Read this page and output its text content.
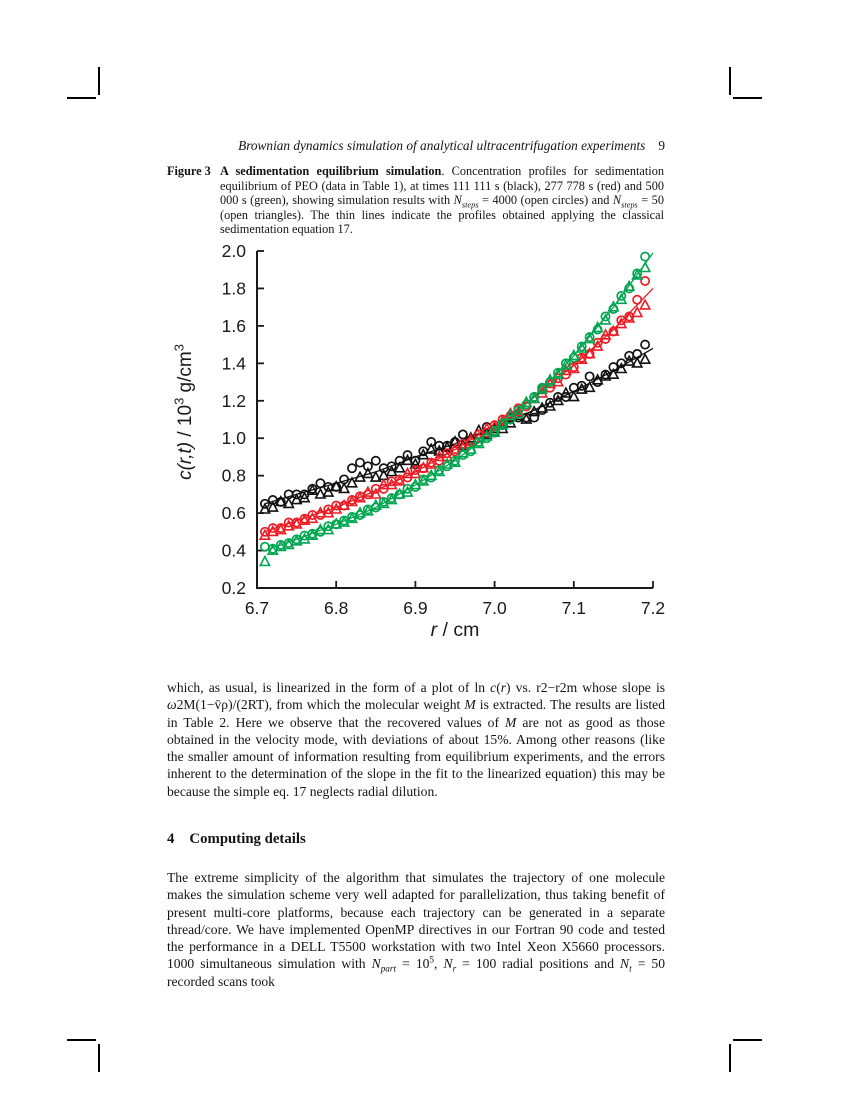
Brownian dynamics simulation of analytical ultracentrifugation experiments 9
Figure 3 A sedimentation equilibrium simulation. Concentration profiles for sedimentation equilibrium of PEO (data in Table 1), at times 111 111 s (black), 277 778 s (red) and 500 000 s (green), showing simulation results with $N_{steps} = 4000$ (open circles) and $N_{steps} = 50$ (open triangles). The thin lines indicate the profiles obtained applying the classical sedimentation equation 17.
6.7	6.8	6.9	7.0	7.1	7.2
0.2
0.4
0.6
0.8
1.0
1.2
1.4
1.6
1.8
2.0
$c(r,t) / 10^3$ $g/cm^3$
r / cm
which, as usual, is linearized in the form of a plot of ln c(r) vs. r2−r2m whose slope is ω2M(1−v̄ρ)/(2RT), from which the molecular weight M is extracted. The results are listed in Table 2. Here we observe that the recovered values of M are not as good as those obtained in the velocity mode, with deviations of about 15%. Among other reasons (like the smaller amount of information resulting from equilibrium experiments, and the errors inherent to the determination of the slope in the fit to the linearized equation) this may be because the simple eq. 17 neglects radial dilution.
4 Computing details
The extreme simplicity of the algorithm that simulates the trajectory of one molecule makes the simulation scheme very well adapted for parallelization, thus taking benefit of present multi-core platforms, because each trajectory can be generated in a separate thread/core. We have implemented OpenMP directives in our Fortran 90 code and tested the performance in a DELL T5500 workstation with two Intel Xeon X5660 processors. 1000 simultaneous simulation with $N_{part} = 10^5$, $N_r = 100$ radial positions and $N_t = 50$ recorded scans took
